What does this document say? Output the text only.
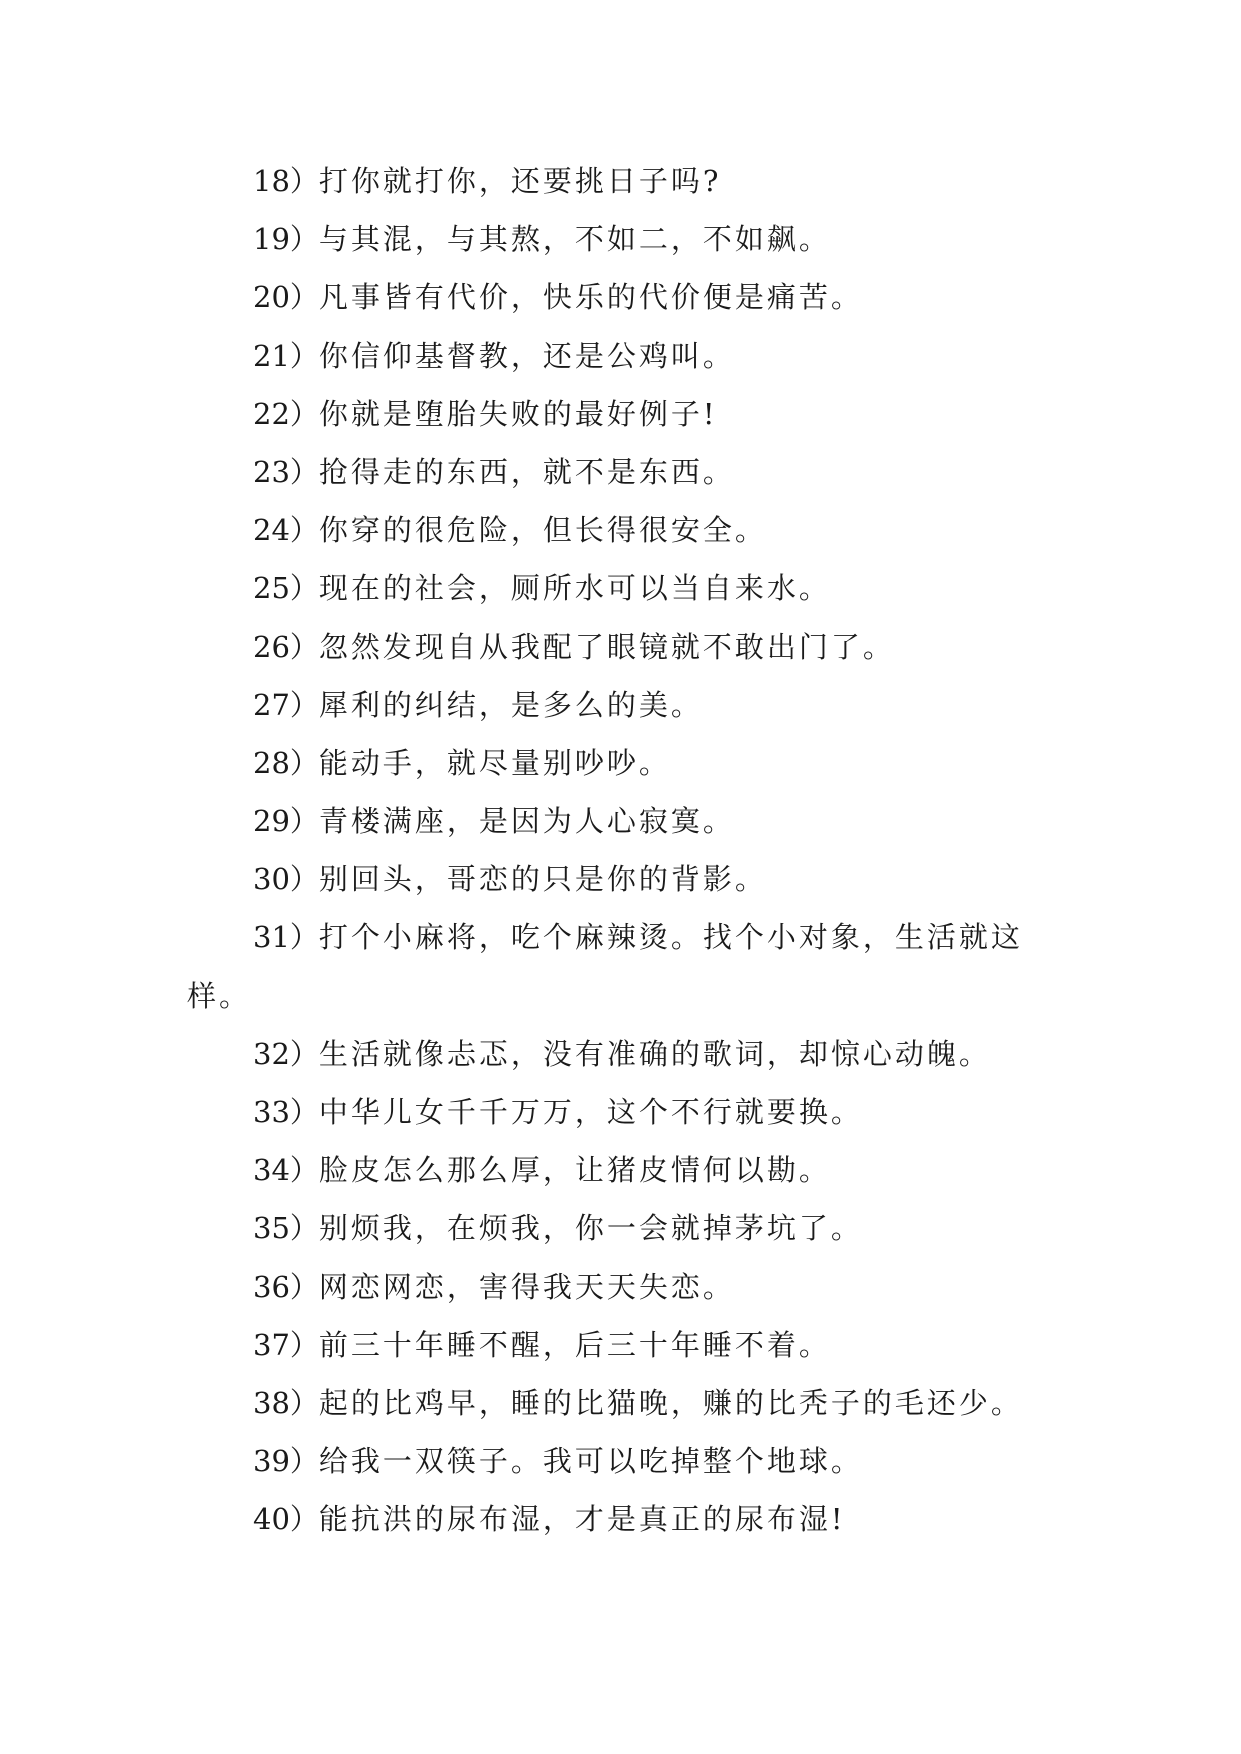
18）打你就打你，还要挑日子吗?
19）与其混，与其熬，不如二，不如飙。
20）凡事皆有代价，快乐的代价便是痛苦。
21）你信仰基督教，还是公鸡叫。
22）你就是堕胎失败的最好例子!
23）抢得走的东西，就不是东西。
24）你穿的很危险，但长得很安全。
25）现在的社会，厕所水可以当自来水。
26）忽然发现自从我配了眼镜就不敢出门了。
27）犀利的纠结，是多么的美。
28）能动手，就尽量别吵吵。
29）青楼满座，是因为人心寂寞。
30）别回头，哥恋的只是你的背影。
31）打个小麻将，吃个麻辣烫。找个小对象，生活就这
样。
32）生活就像忐忑，没有准确的歌词，却惊心动魄。
33）中华儿女千千万万，这个不行就要换。
34）脸皮怎么那么厚，让猪皮情何以勘。
35）别烦我，在烦我，你一会就掉茅坑了。
36）网恋网恋，害得我天天失恋。
37）前三十年睡不醒，后三十年睡不着。
38）起的比鸡早，睡的比猫晚，赚的比秃子的毛还少。
39）给我一双筷子。我可以吃掉整个地球。
40）能抗洪的尿布湿，才是真正的尿布湿!
